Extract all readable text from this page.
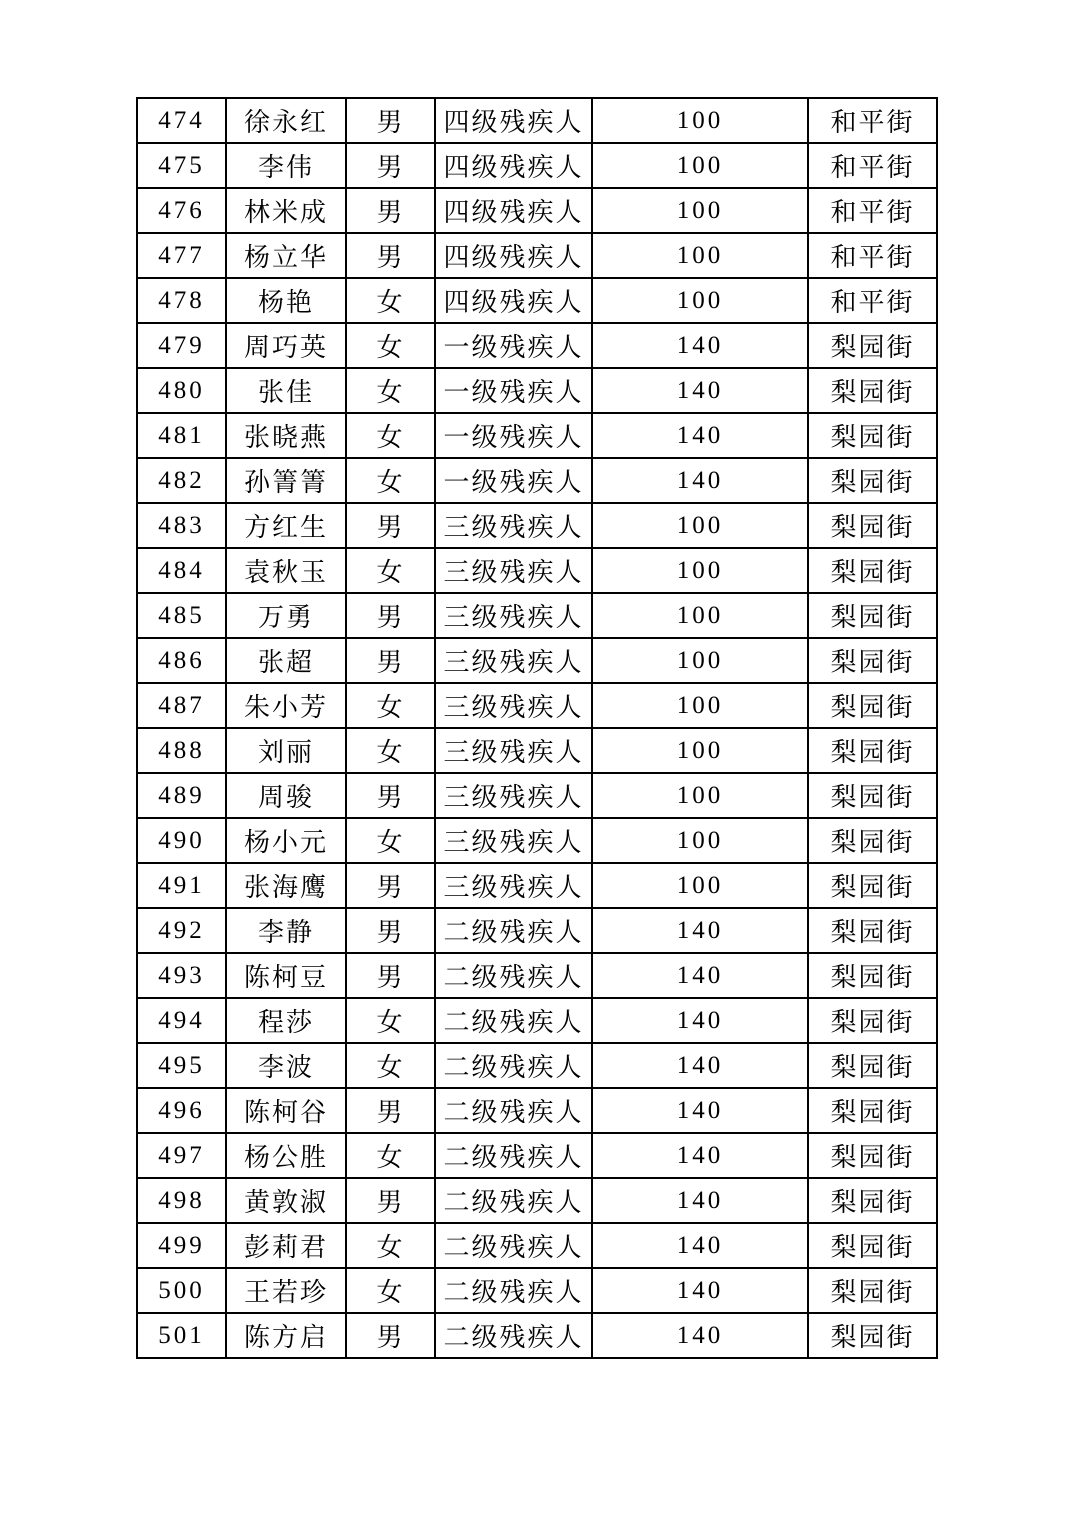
474	徐永红	男	四级残疾人	100	和平街
475	李伟	男	四级残疾人	100	和平街
476	林米成	男	四级残疾人	100	和平街
477	杨立华	男	四级残疾人	100	和平街
478	杨艳	女	四级残疾人	100	和平街
479	周巧英	女	一级残疾人	140	梨园街
480	张佳	女	一级残疾人	140	梨园街
481	张晓燕	女	一级残疾人	140	梨园街
482	孙箐箐	女	一级残疾人	140	梨园街
483	方红生	男	三级残疾人	100	梨园街
484	袁秋玉	女	三级残疾人	100	梨园街
485	万勇	男	三级残疾人	100	梨园街
486	张超	男	三级残疾人	100	梨园街
487	朱小芳	女	三级残疾人	100	梨园街
488	刘丽	女	三级残疾人	100	梨园街
489	周骏	男	三级残疾人	100	梨园街
490	杨小元	女	三级残疾人	100	梨园街
491	张海鹰	男	三级残疾人	100	梨园街
492	李静	男	二级残疾人	140	梨园街
493	陈柯豆	男	二级残疾人	140	梨园街
494	程莎	女	二级残疾人	140	梨园街
495	李波	女	二级残疾人	140	梨园街
496	陈柯谷	男	二级残疾人	140	梨园街
497	杨公胜	女	二级残疾人	140	梨园街
498	黄敦淑	男	二级残疾人	140	梨园街
499	彭莉君	女	二级残疾人	140	梨园街
500	王若珍	女	二级残疾人	140	梨园街
501	陈方启	男	二级残疾人	140	梨园街
